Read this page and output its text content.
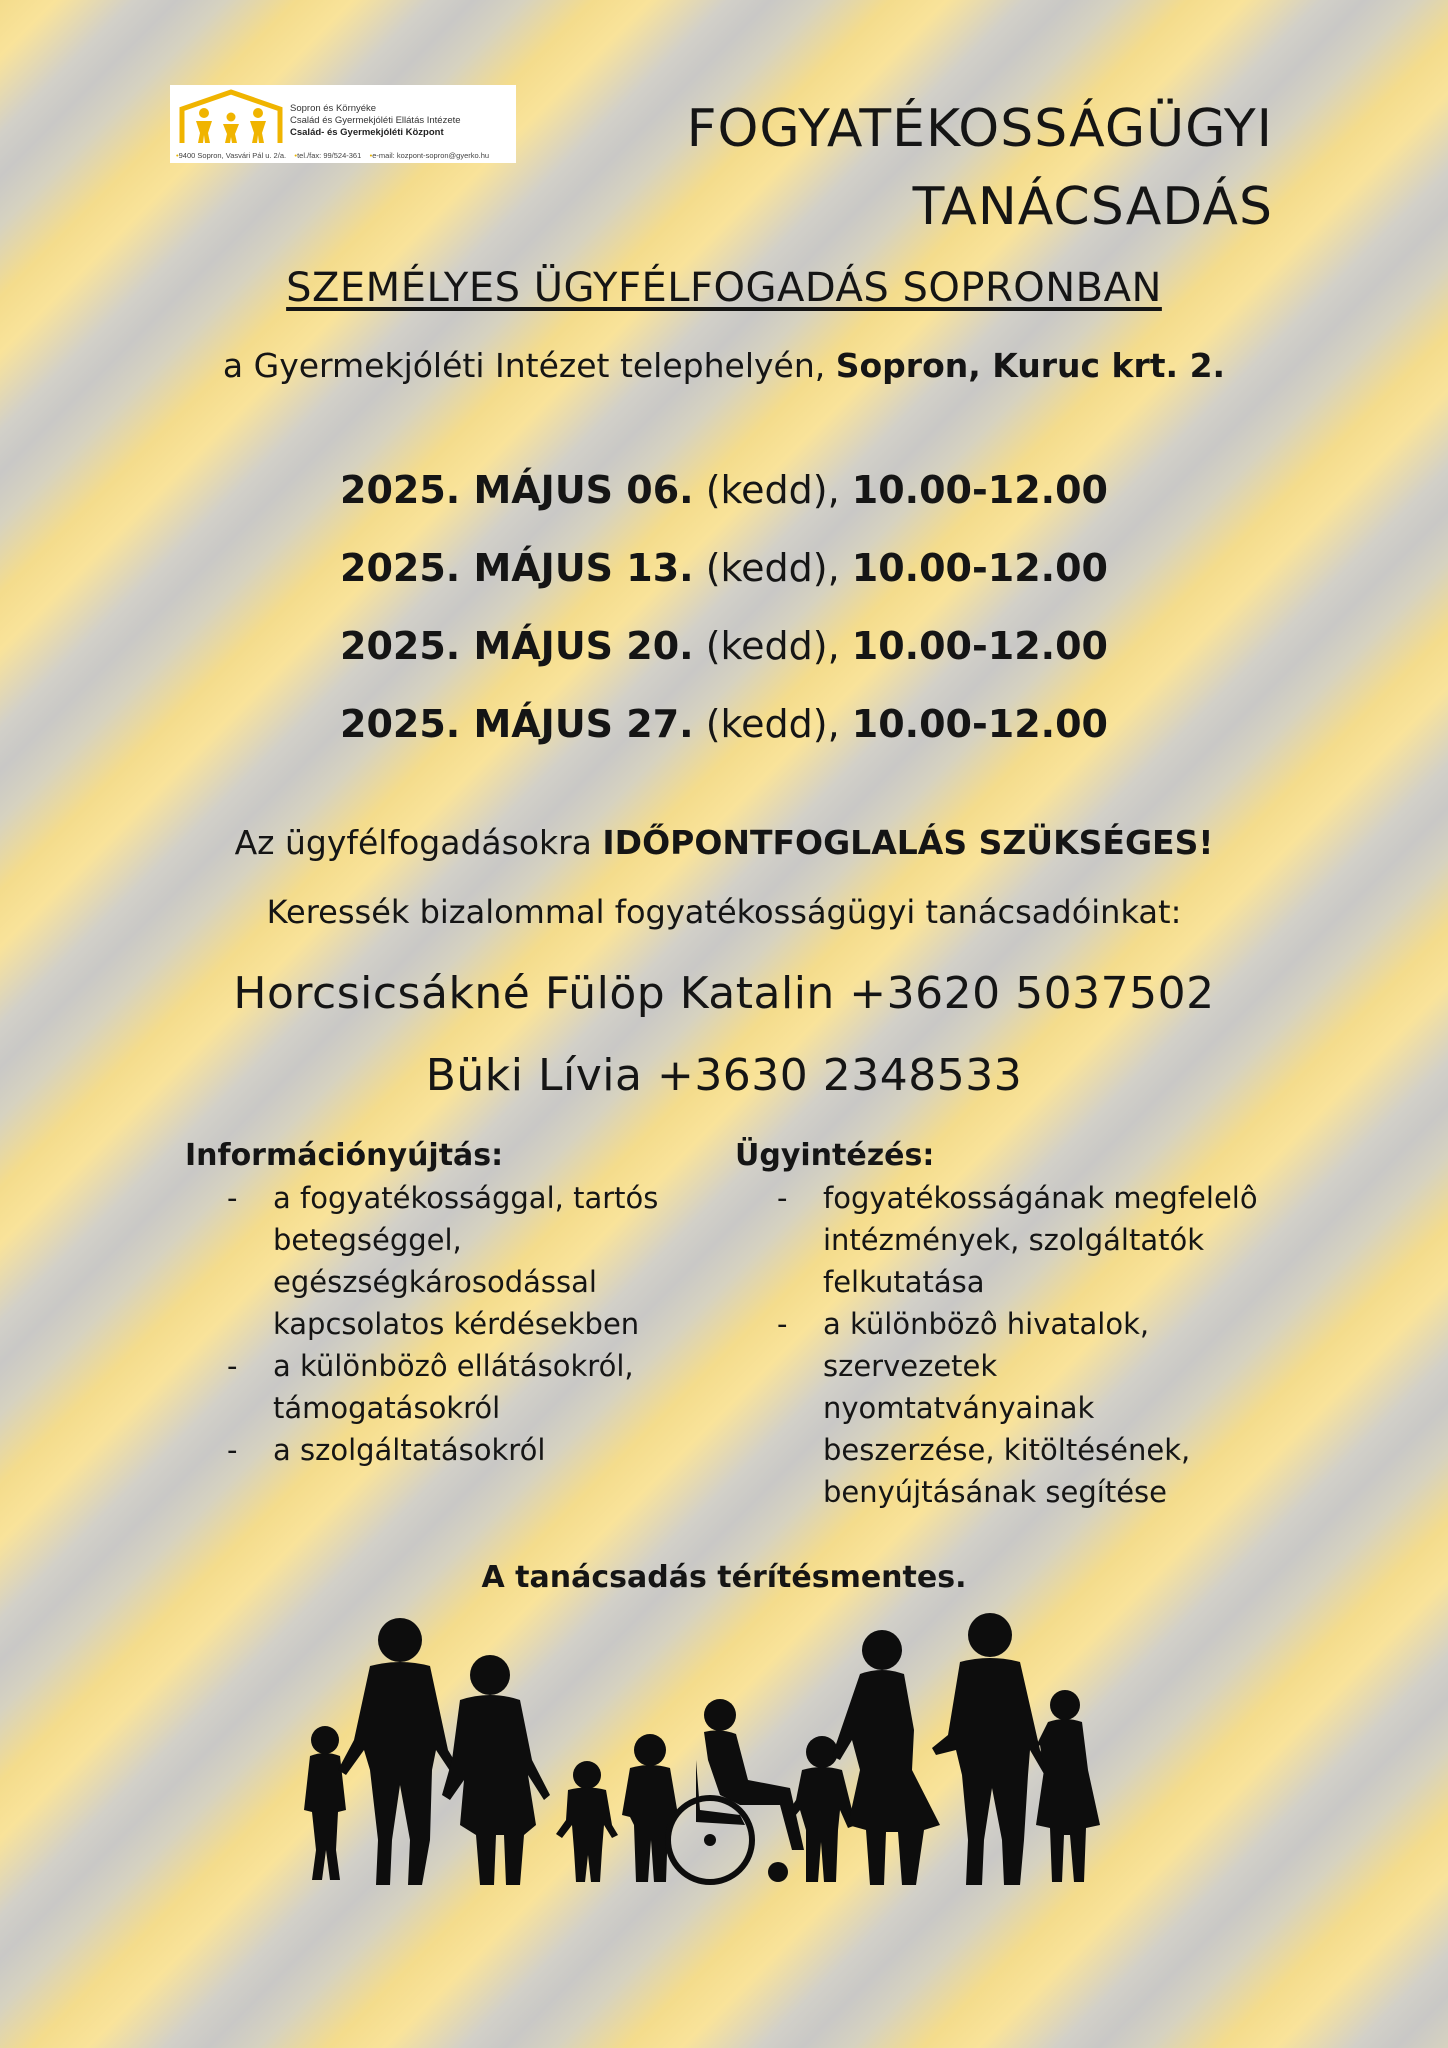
Sopron és Környéke
Család és Gyermekjóléti Ellátás Intézete
Család- és Gyermekjóléti Központ
• 9400 Sopron, Vasvári Pál u. 2/a. • tel./fax: 99/524-361 • e-mail: kozpont-sopron@gyerko.hu	FOGYATÉKOSSÁGÜGYI
TANÁCSADÁS
SZEMÉLYES ÜGYFÉLFOGADÁS SOPRONBAN
a Gyermekjóléti Intézet telephelyén, Sopron, Kuruc krt. 2.
2025. MÁJUS 06. (kedd), 10.00-12.00
2025. MÁJUS 13. (kedd), 10.00-12.00
2025. MÁJUS 20. (kedd), 10.00-12.00
2025. MÁJUS 27. (kedd), 10.00-12.00
Az ügyfélfogadásokra IDŐPONTFOGLALÁS SZÜKSÉGES!
Keressék bizalommal fogyatékosságügyi tanácsadóinkat:
Horcsicsákné Fülöp Katalin +3620 5037502
Büki Lívia +3630 2348533
Információnyújtás:
- a fogyatékossággal, tartós betegséggel, egészségkárosodással kapcsolatos kérdésekben
- a különbözô ellátásokról, támogatásokról
- a szolgáltatásokról
Ügyintézés:
- fogyatékosságának megfelelô intézmények, szolgáltatók felkutatása
- a különbözô hivatalok, szervezetek nyomtatványainak beszerzése, kitöltésének, benyújtásának segítése
A tanácsadás térítésmentes.
